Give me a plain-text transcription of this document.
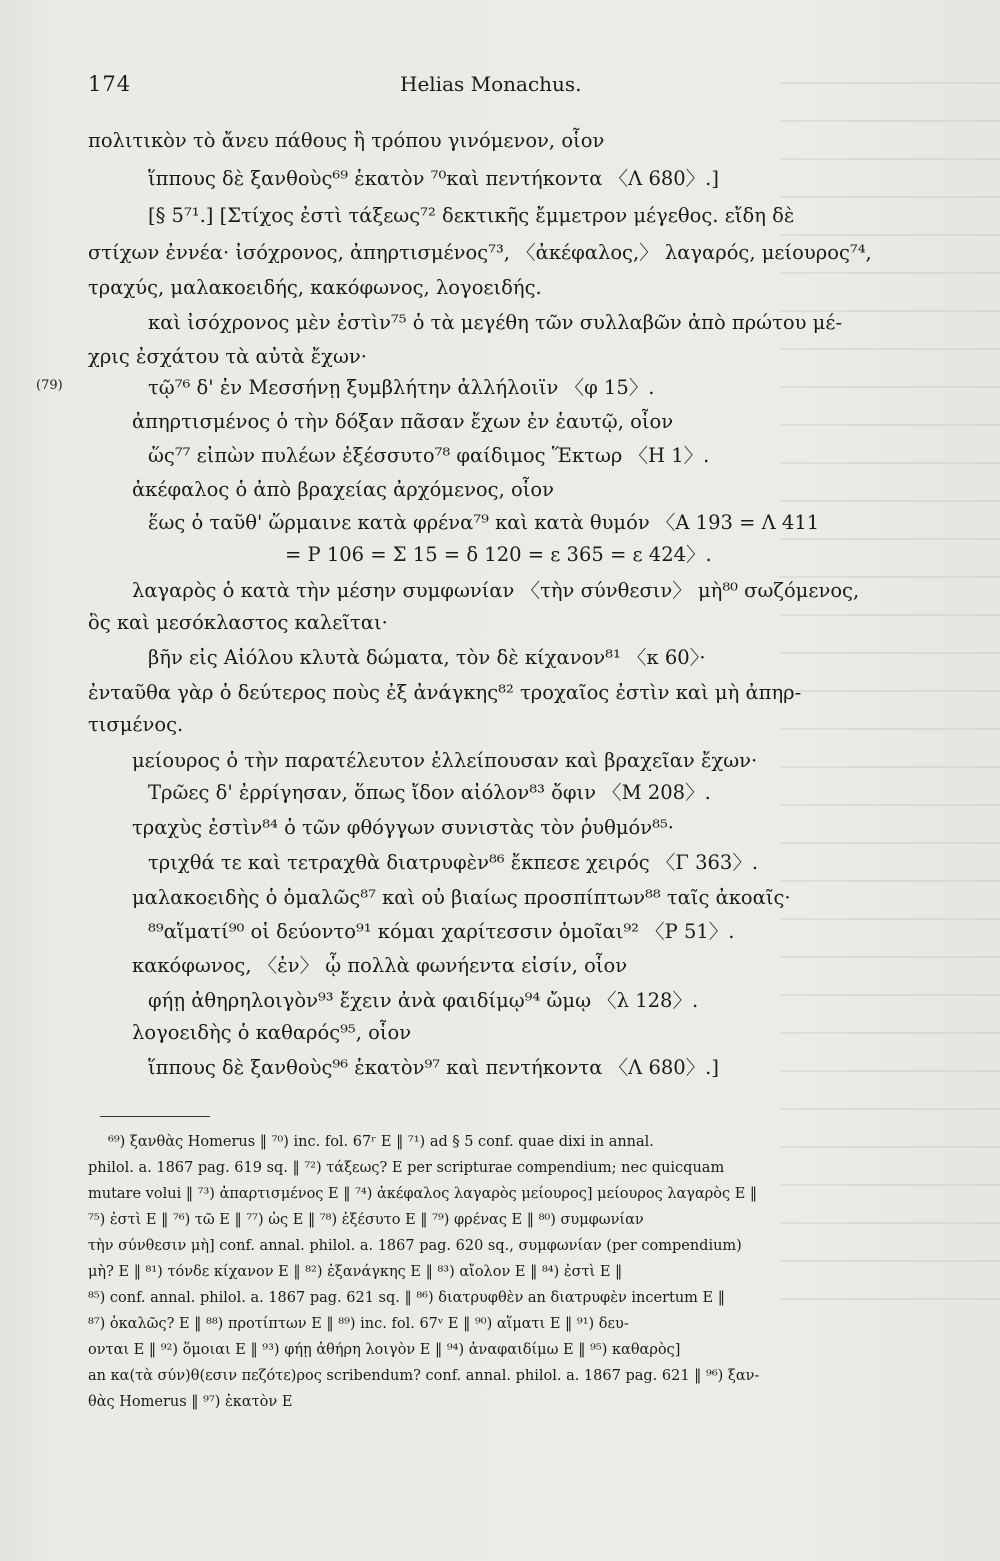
174	Helias Monachus.
(79)
πολιτικὸν τὸ ἄνευ πάθους ἢ τρόπου γινόμενον, οἷον
ἵππους δὲ ξανθοὺς⁶⁹ ἑκατὸν ⁷⁰καὶ πεντήκοντα 〈Λ 680〉.]
[§ 5⁷¹.] [Στίχος ἐστὶ τάξεως⁷² δεκτικῆς ἔμμετρον μέγεθος. εἴδη δὲ
στίχων ἐννέα· ἰσόχρονος, ἀπηρτισμένος⁷³, 〈ἀκέφαλος,〉 λαγαρός, μείουρος⁷⁴,
τραχύς, μαλακοειδής, κακόφωνος, λογοειδής.
καὶ ἰσόχρονος μὲν ἐστὶν⁷⁵ ὁ τὰ μεγέθη τῶν συλλαβῶν ἀπὸ πρώτου μέ-
χρις ἐσχάτου τὰ αὐτὰ ἔχων·
τῷ⁷⁶ δ' ἐν Μεσσήνῃ ξυμβλήτην ἀλλήλοιϊν 〈φ 15〉.
ἀπηρτισμένος ὁ τὴν δόξαν πᾶσαν ἔχων ἐν ἑαυτῷ, οἷον
ὥς⁷⁷ εἰπὼν πυλέων ἐξέσσυτο⁷⁸ φαίδιμος Ἕκτωρ 〈Η 1〉.
ἀκέφαλος ὁ ἀπὸ βραχείας ἀρχόμενος, οἷον
ἕως ὁ ταῦθ' ὥρμαινε κατὰ φρένα⁷⁹ καὶ κατὰ θυμόν 〈Α 193 = Λ 411
= Ρ 106 = Σ 15 = δ 120 = ε 365 = ε 424〉.
λαγαρὸς ὁ κατὰ τὴν μέσην συμφωνίαν 〈τὴν σύνθεσιν〉 μὴ⁸⁰ σωζόμενος,
ὃς καὶ μεσόκλαστος καλεῖται·
βῆν εἰς Αἰόλου κλυτὰ δώματα, τὸν δὲ κίχανον⁸¹ 〈κ 60〉·
ἐνταῦθα γὰρ ὁ δεύτερος ποὺς ἐξ ἀνάγκης⁸² τροχαῖος ἐστὶν καὶ μὴ ἀπηρ-
τισμένος.
μείουρος ὁ τὴν παρατέλευτον ἐλλείπουσαν καὶ βραχεῖαν ἔχων·
Τρῶες δ' ἐρρίγησαν, ὅπως ἴδον αἰόλον⁸³ ὄφιν 〈Μ 208〉.
τραχὺς ἐστὶν⁸⁴ ὁ τῶν φθόγγων συνιστὰς τὸν ῥυθμόν⁸⁵·
τριχθά τε καὶ τετραχθὰ διατρυφὲν⁸⁶ ἔκπεσε χειρός 〈Γ 363〉.
μαλακοειδὴς ὁ ὁμαλῶς⁸⁷ καὶ οὐ βιαίως προσπίπτων⁸⁸ ταῖς ἀκοαῖς·
⁸⁹αἵματί⁹⁰ οἱ δεύοντο⁹¹ κόμαι χαρίτεσσιν ὁμοῖαι⁹² 〈Ρ 51〉.
κακόφωνος, 〈ἐν〉 ᾧ πολλὰ φωνήεντα εἰσίν, οἷον
φήῃ ἀθηρηλοιγὸν⁹³ ἔχειν ἀνὰ φαιδίμῳ⁹⁴ ὤμῳ 〈λ 128〉.
λογοειδὴς ὁ καθαρός⁹⁵, οἷον
ἵππους δὲ ξανθοὺς⁹⁶ ἑκατὸν⁹⁷ καὶ πεντήκοντα 〈Λ 680〉.]
⁶⁹) ξανθὰς Homerus ‖ ⁷⁰) inc. fol. 67ʳ E ‖ ⁷¹) ad § 5 conf. quae dixi in annal.
philol. a. 1867 pag. 619 sq. ‖ ⁷²) τάξεως? E per scripturae compendium; nec quicquam
mutare volui ‖ ⁷³) ἀπαρτισμένος E ‖ ⁷⁴) ἀκέφαλος λαγαρὸς μείουρος] μείουρος λαγαρὸς E ‖
⁷⁵) ἐστὶ E ‖ ⁷⁶) τῶ E ‖ ⁷⁷) ὡς E ‖ ⁷⁸) ἐξέσυτο E ‖ ⁷⁹) φρένας E ‖ ⁸⁰) συμφωνίαν
τὴν σύνθεσιν μὴ] conf. annal. philol. a. 1867 pag. 620 sq., συμφωνίαν (per compendium)
μὴ? E ‖ ⁸¹) τόνδε κίχανον E ‖ ⁸²) ἐξανάγκης E ‖ ⁸³) αἴολον E ‖ ⁸⁴) ἐστὶ E ‖
⁸⁵) conf. annal. philol. a. 1867 pag. 621 sq. ‖ ⁸⁶) διατρυφθὲν an διατρυφὲν incertum E ‖
⁸⁷) ὁκαλῶς? E ‖ ⁸⁸) προτίπτων E ‖ ⁸⁹) inc. fol. 67ᵛ E ‖ ⁹⁰) αἵματι E ‖ ⁹¹) δευ-
ονται E ‖ ⁹²) ὅμοιαι E ‖ ⁹³) φήῃ ἀθήρη λοιγὸν E ‖ ⁹⁴) ἀναφαιδίμω E ‖ ⁹⁵) καθαρὸς]
an κα(τὰ σύν)θ(εσιν πεζότε)ρος scribendum? conf. annal. philol. a. 1867 pag. 621 ‖ ⁹⁶) ξαν-
θὰς Homerus ‖ ⁹⁷) ἑκατὸν E
